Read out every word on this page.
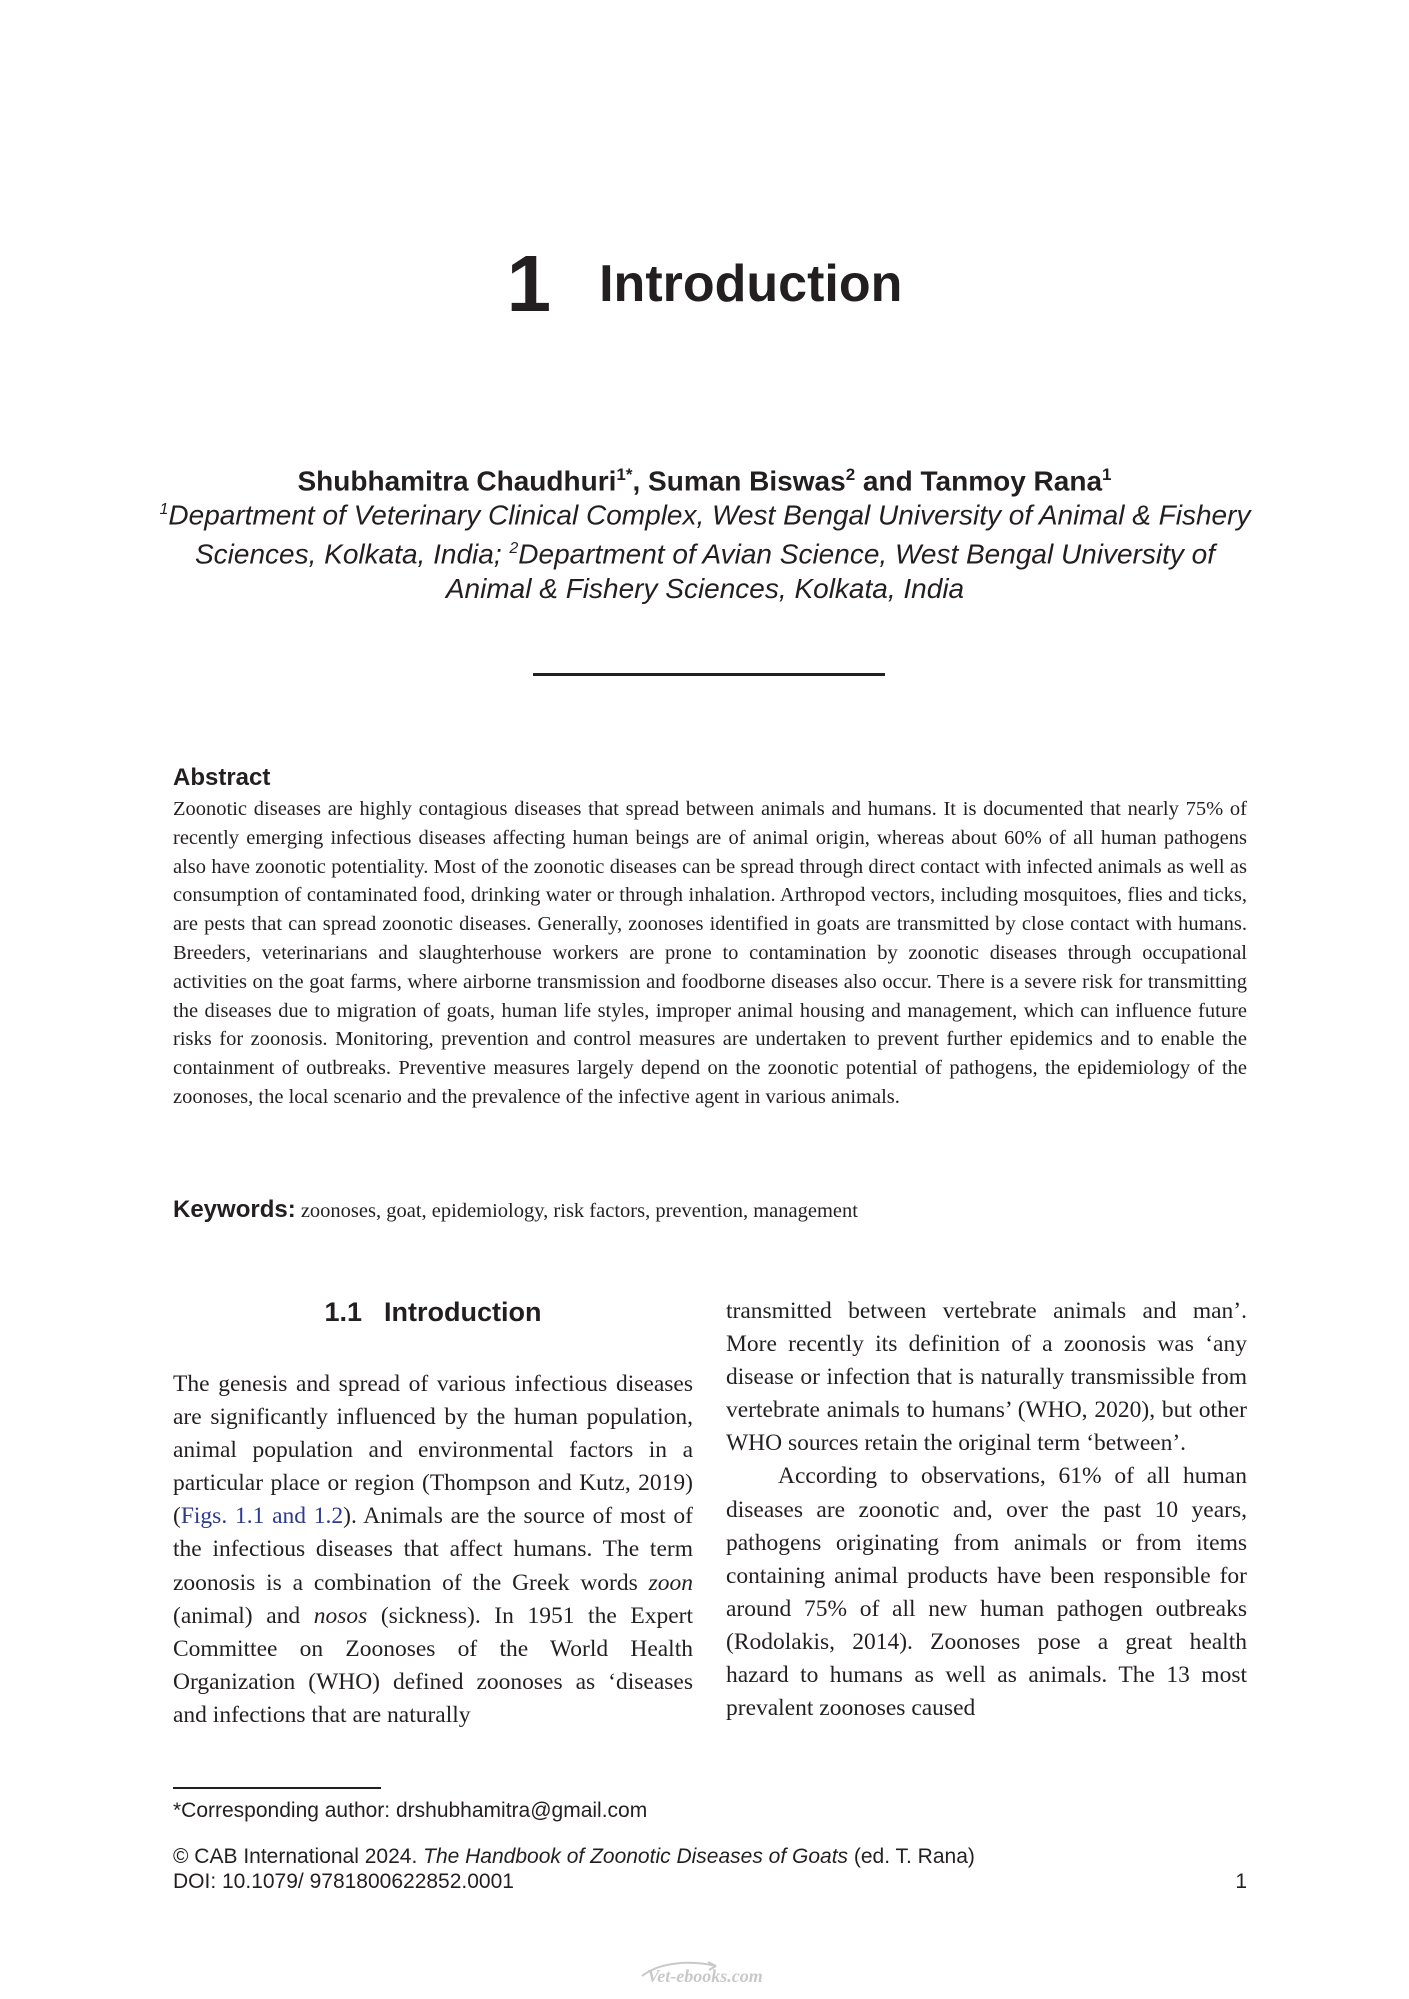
1 Introduction
Shubhamitra Chaudhuri$^{1*}$, Suman Biswas$^2$ and Tanmoy Rana$^1$
$^1$Department of Veterinary Clinical Complex, West Bengal University of Animal & Fishery Sciences, Kolkata, India; $^2$Department of Avian Science, West Bengal University of Animal & Fishery Sciences, Kolkata, India
Abstract

Zoonotic diseases are highly contagious diseases that spread between animals and humans. It is documented that nearly 75% of recently emerging infectious diseases affecting human beings are of animal origin, whereas about 60% of all human pathogens also have zoonotic potentiality. Most of the zoonotic diseases can be spread through direct contact with infected animals as well as consumption of contaminated food, drinking water or through inhalation. Arthropod vectors, including mosquitoes, flies and ticks, are pests that can spread zoonotic diseases. Generally, zoonoses identified in goats are transmitted by close contact with humans. Breeders, veterinarians and slaughterhouse workers are prone to contamination by zoonotic diseases through occupational activities on the goat farms, where airborne transmission and foodborne diseases also occur. There is a severe risk for transmitting the diseases due to migration of goats, human life styles, improper animal housing and management, which can influence future risks for zoonosis. Monitoring, prevention and control measures are undertaken to prevent further epidemics and to enable the containment of outbreaks. Preventive measures largely depend on the zoonotic potential of pathogens, the epidemiology of the zoonoses, the local scenario and the prevalence of the infective agent in various animals.

Keywords: zoonoses, goat, epidemiology, risk factors, prevention, management
1.1 Introduction

The genesis and spread of various infectious diseases are significantly influenced by the human population, animal population and environmental factors in a particular place or region (Thompson and Kutz, 2019) (Figs. 1.1 and 1.2). Animals are the source of most of the infectious diseases that affect humans. The term zoonosis is a combination of the Greek words zoon (animal) and nosos (sickness). In 1951 the Expert Committee on Zoonoses of the World Health Organization (WHO) defined zoonoses as ‘diseases and infections that are naturally

transmitted between vertebrate animals and man’. More recently its definition of a zoonosis was ‘any disease or infection that is naturally transmissible from vertebrate animals to humans’ (WHO, 2020), but other WHO sources retain the original term ‘between’.

According to observations, 61% of all human diseases are zoonotic and, over the past 10 years, pathogens originating from animals or from items containing animal products have been responsible for around 75% of all new human pathogen outbreaks (Rodolakis, 2014). Zoonoses pose a great health hazard to humans as well as animals. The 13 most prevalent zoonoses caused

*Corresponding author: drshubhamitra@gmail.com
© CAB International 2024. The Handbook of Zoonotic Diseases of Goats (ed. T. Rana)
DOI: 10.1079/ 9781800622852.0001	1
Vet-ebooks.com
